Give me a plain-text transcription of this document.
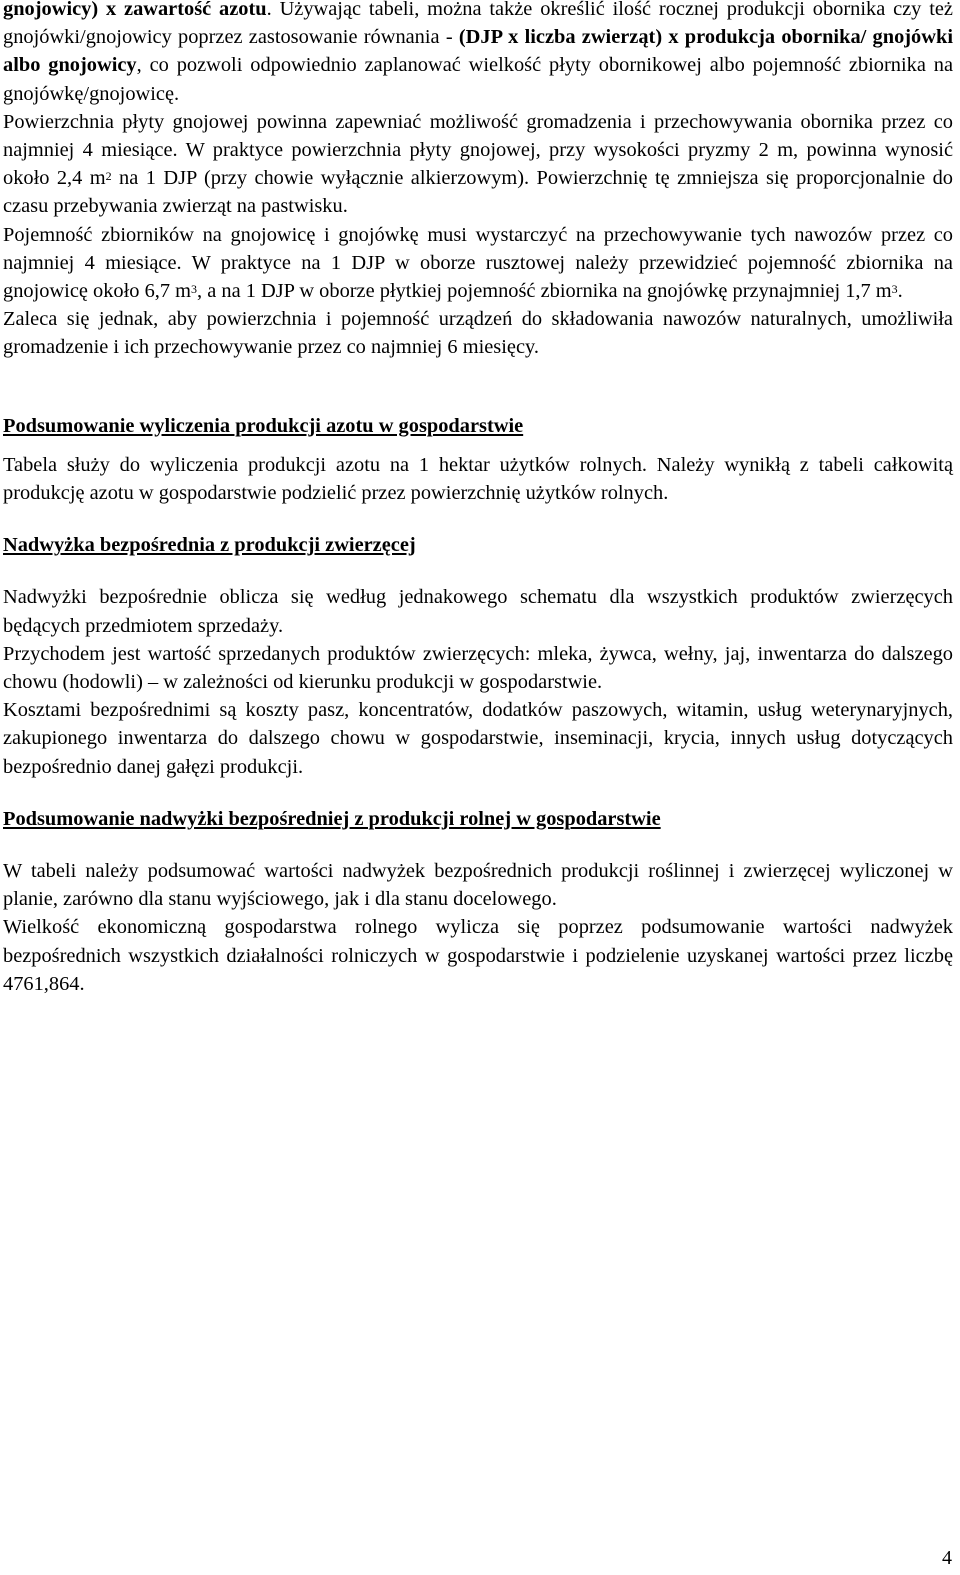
gnojowicy) x zawartość azotu. Używając tabeli, można także określić ilość rocznej produkcji obornika czy też gnojówki/gnojowicy poprzez zastosowanie równania - (DJP x liczba zwierząt) x produkcja obornika/ gnojówki albo gnojowicy, co pozwoli odpowiednio zaplanować wielkość płyty obornikowej albo pojemność zbiornika na gnojówkę/gnojowicę.

Powierzchnia płyty gnojowej powinna zapewniać możliwość gromadzenia i przechowywania obornika przez co najmniej 4 miesiące. W praktyce powierzchnia płyty gnojowej, przy wysokości pryzmy 2 m, powinna wynosić około 2,4 $m^2$ na 1 DJP (przy chowie wyłącznie alkierzowym). Powierzchnię tę zmniejsza się proporcjonalnie do czasu przebywania zwierząt na pastwisku.

Pojemność zbiorników na gnojowicę i gnojówkę musi wystarczyć na przechowywanie tych nawozów przez co najmniej 4 miesiące. W praktyce na 1 DJP w oborze rusztowej należy przewidzieć pojemność zbiornika na gnojowicę około 6,7 $m^3$, a na 1 DJP w oborze płytkiej pojemność zbiornika na gnojówkę przynajmniej 1,7 $m^3$.

Zaleca się jednak, aby powierzchnia i pojemność urządzeń do składowania nawozów naturalnych, umożliwiła gromadzenie i ich przechowywanie przez co najmniej 6 miesięcy.

Podsumowanie wyliczenia produkcji azotu w gospodarstwie

Tabela służy do wyliczenia produkcji azotu na 1 hektar użytków rolnych. Należy wynikłą z tabeli całkowitą produkcję azotu w gospodarstwie podzielić przez powierzchnię użytków rolnych.

Nadwyżka bezpośrednia z produkcji zwierzęcej

Nadwyżki bezpośrednie oblicza się według jednakowego schematu dla wszystkich produktów zwierzęcych będących przedmiotem sprzedaży.

Przychodem jest wartość sprzedanych produktów zwierzęcych: mleka, żywca, wełny, jaj, inwentarza do dalszego chowu (hodowli) – w zależności od kierunku produkcji w gospodarstwie.

Kosztami bezpośrednimi są koszty pasz, koncentratów, dodatków paszowych, witamin, usług weterynaryjnych, zakupionego inwentarza do dalszego chowu w gospodarstwie, inseminacji, krycia, innych usług dotyczących bezpośrednio danej gałęzi produkcji.

Podsumowanie nadwyżki bezpośredniej z produkcji rolnej w gospodarstwie

W tabeli należy podsumować wartości nadwyżek bezpośrednich produkcji roślinnej i zwierzęcej wyliczonej w planie, zarówno dla stanu wyjściowego, jak i dla stanu docelowego.

Wielkość ekonomiczną gospodarstwa rolnego wylicza się poprzez podsumowanie wartości nadwyżek bezpośrednich wszystkich działalności rolniczych w gospodarstwie i podzielenie uzyskanej wartości przez liczbę 4761,864.

4
